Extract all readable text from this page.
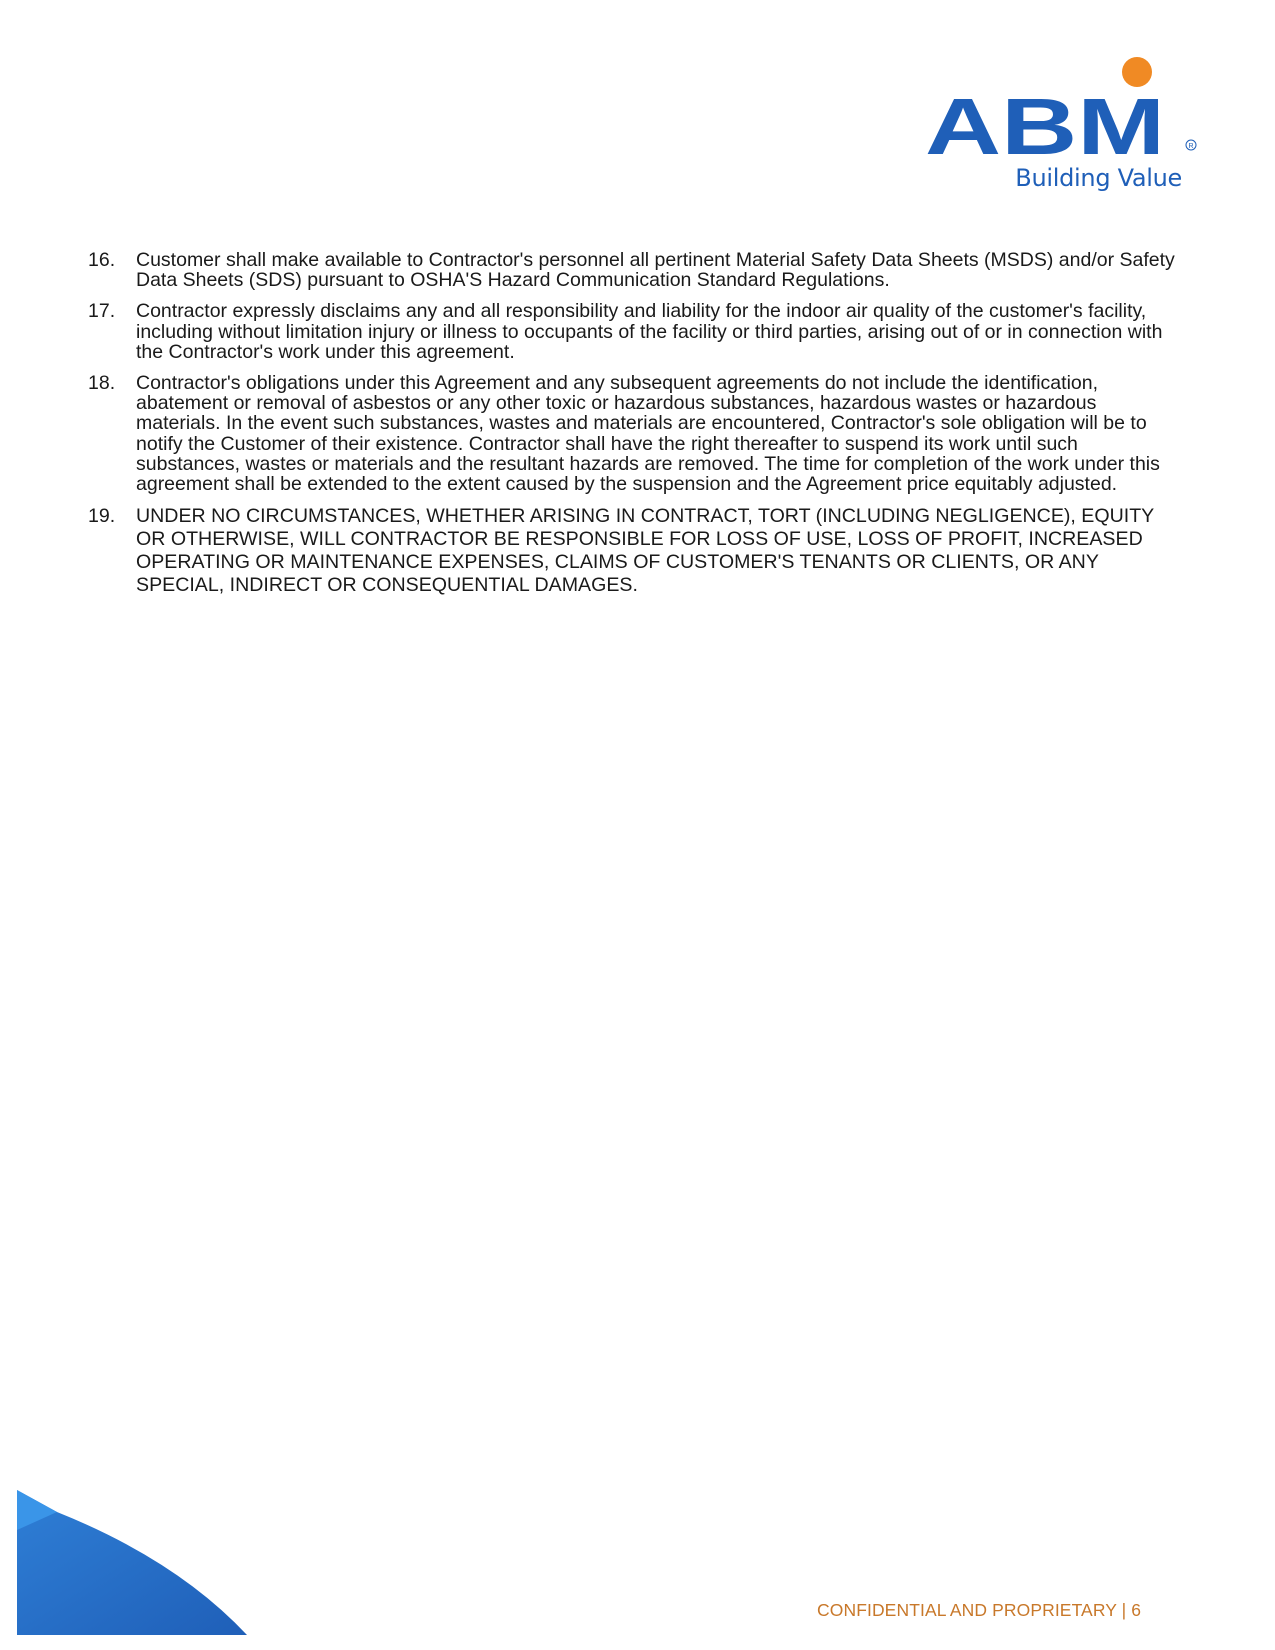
ABM	R
Building Value
16.	Customer shall make available to Contractor's personnel all pertinent Material Safety Data Sheets (MSDS) and/or Safety Data Sheets (SDS) pursuant to OSHA'S Hazard Communication Standard Regulations.
17.	Contractor expressly disclaims any and all responsibility and liability for the indoor air quality of the customer's facility, including without limitation injury or illness to occupants of the facility or third parties, arising out of or in connection with the Contractor's work under this agreement.
18.	Contractor's obligations under this Agreement and any subsequent agreements do not include the identification, abatement or removal of asbestos or any other toxic or hazardous substances, hazardous wastes or hazardous materials. In the event such substances, wastes and materials are encountered, Contractor's sole obligation will be to notify the Customer of their existence. Contractor shall have the right thereafter to suspend its work until such substances, wastes or materials and the resultant hazards are removed. The time for completion of the work under this agreement shall be extended to the extent caused by the suspension and the Agreement price equitably adjusted.
19.	UNDER NO CIRCUMSTANCES, WHETHER ARISING IN CONTRACT, TORT (INCLUDING NEGLIGENCE), EQUITY OR OTHERWISE, WILL CONTRACTOR BE RESPONSIBLE FOR LOSS OF USE, LOSS OF PROFIT, INCREASED OPERATING OR MAINTENANCE EXPENSES, CLAIMS OF CUSTOMER'S TENANTS OR CLIENTS, OR ANY SPECIAL, INDIRECT OR CONSEQUENTIAL DAMAGES.
CONFIDENTIAL AND PROPRIETARY | 6
